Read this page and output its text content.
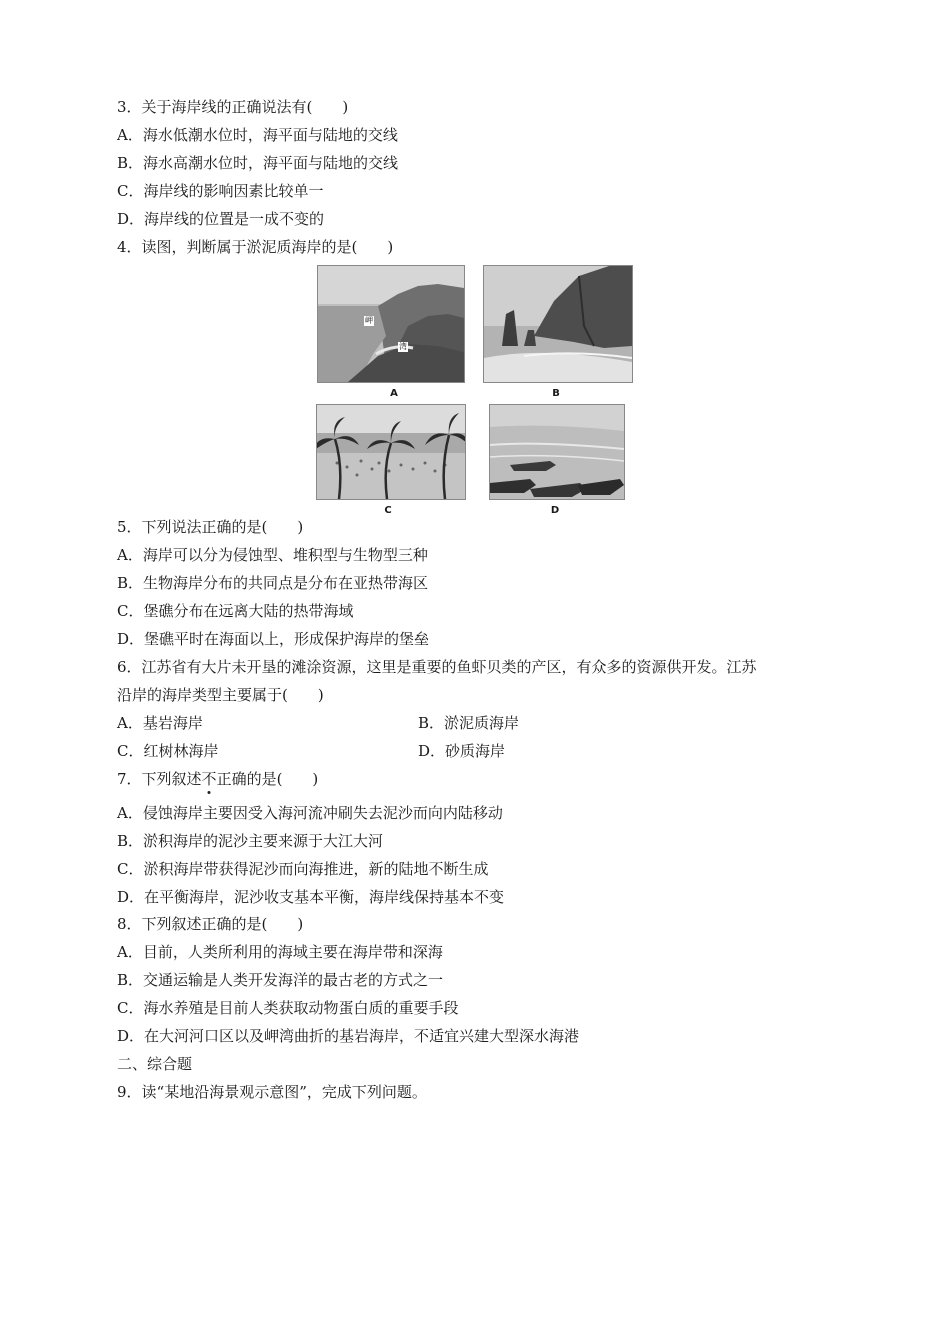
3．关于海岸线的正确说法有(　　)
A．海水低潮水位时，海平面与陆地的交线
B．海水高潮水位时，海平面与陆地的交线
C．海岸线的影响因素比较单一
D．海岸线的位置是一成不变的
4．读图，判断属于淤泥质海岸的是(　　)
岬
湾
A	B
C	D
5．下列说法正确的是(　　)
A．海岸可以分为侵蚀型、堆积型与生物型三种
B．生物海岸分布的共同点是分布在亚热带海区
C．堡礁分布在远离大陆的热带海域
D．堡礁平时在海面以上，形成保护海岸的堡垒
6．江苏省有大片未开垦的滩涂资源，这里是重要的鱼虾贝类的产区，有众多的资源供开发。江苏
沿岸的海岸类型主要属于(　　)
A．基岩海岸	B．淤泥质海岸
C．红树林海岸	D．砂质海岸
7．下列叙述不正确的是(　　)
A．侵蚀海岸主要因受入海河流冲刷失去泥沙而向内陆移动
B．淤积海岸的泥沙主要来源于大江大河
C．淤积海岸带获得泥沙而向海推进，新的陆地不断生成
D．在平衡海岸，泥沙收支基本平衡，海岸线保持基本不变
8．下列叙述正确的是(　　)
A．目前，人类所利用的海域主要在海岸带和深海
B．交通运输是人类开发海洋的最古老的方式之一
C．海水养殖是目前人类获取动物蛋白质的重要手段
D．在大河河口区以及岬湾曲折的基岩海岸，不适宜兴建大型深水海港
二、综合题
9．读“某地沿海景观示意图”，完成下列问题。
